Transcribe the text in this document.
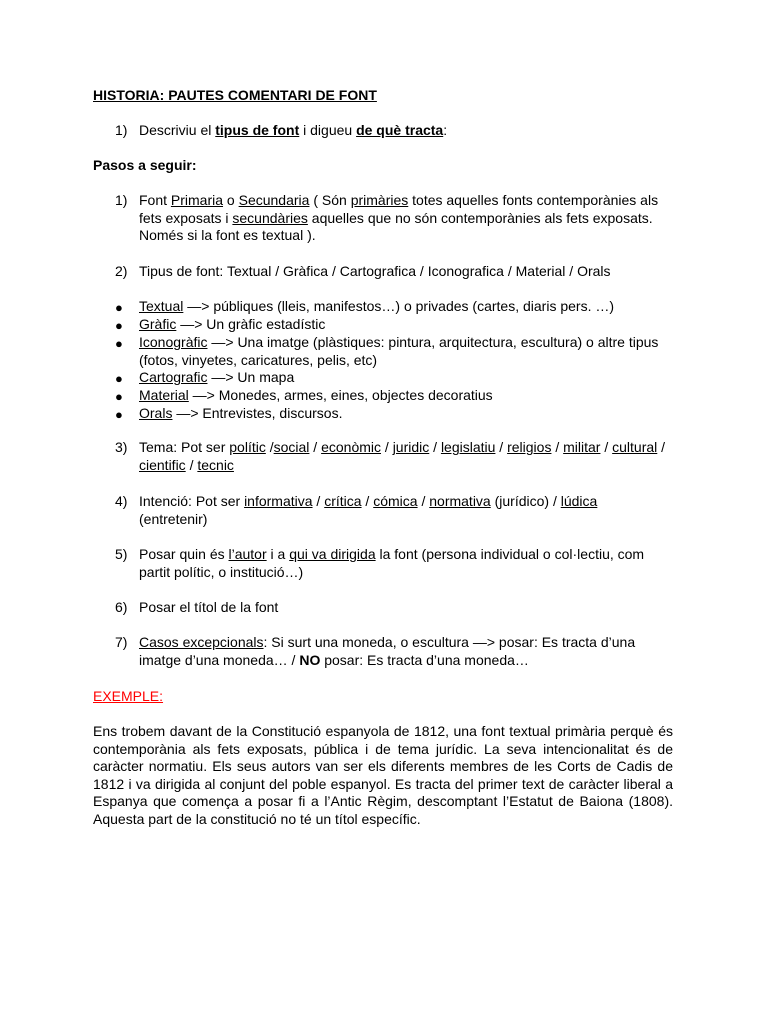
HISTORIA: PAUTES COMENTARI DE FONT
1) Descriviu el tipus de font i digueu de què tracta:
Pasos a seguir:
1) Font Primaria o Secundaria ( Són primàries totes aquelles fonts contemporànies als fets exposats i secundàries aquelles que no són contemporànies als fets exposats. Només si la font es textual ).
2) Tipus de font: Textual / Gràfica / Cartografica / Iconografica / Material / Orals
● Textual —> públiques (lleis, manifestos…) o privades (cartes, diaris pers. …)
● Gràfic —> Un gràfic estadístic
● Iconogràfic —> Una imatge (plàstiques: pintura, arquitectura, escultura) o altre tipus (fotos, vinyetes, caricatures, pelis, etc)
● Cartografic —> Un mapa
● Material —> Monedes, armes, eines, objectes decoratius
● Orals —> Entrevistes, discursos.
3) Tema: Pot ser polític /social / econòmic / juridic / legislatiu / religios / militar / cultural / cientific / tecnic
4) Intenció: Pot ser informativa / crítica / cómica / normativa (jurídico) / lúdica (entretenir)
5) Posar quin és l’autor i a qui va dirigida la font (persona individual o col·lectiu, com partit polític, o institució…)
6) Posar el títol de la font
7) Casos excepcionals: Si surt una moneda, o escultura —> posar: Es tracta d’una imatge d’una moneda… / NO posar: Es tracta d’una moneda…
EXEMPLE:
Ens trobem davant de la Constitució espanyola de 1812, una font textual primària perquè és contemporània als fets exposats, pública i de tema jurídic. La seva intencionalitat és de caràcter normatiu. Els seus autors van ser els diferents membres de les Corts de Cadis de 1812 i va dirigida al conjunt del poble espanyol. Es tracta del primer text de caràcter liberal a Espanya que comença a posar fi a l’Antic Règim, descomptant l’Estatut de Baiona (1808). Aquesta part de la constitució no té un títol específic.
